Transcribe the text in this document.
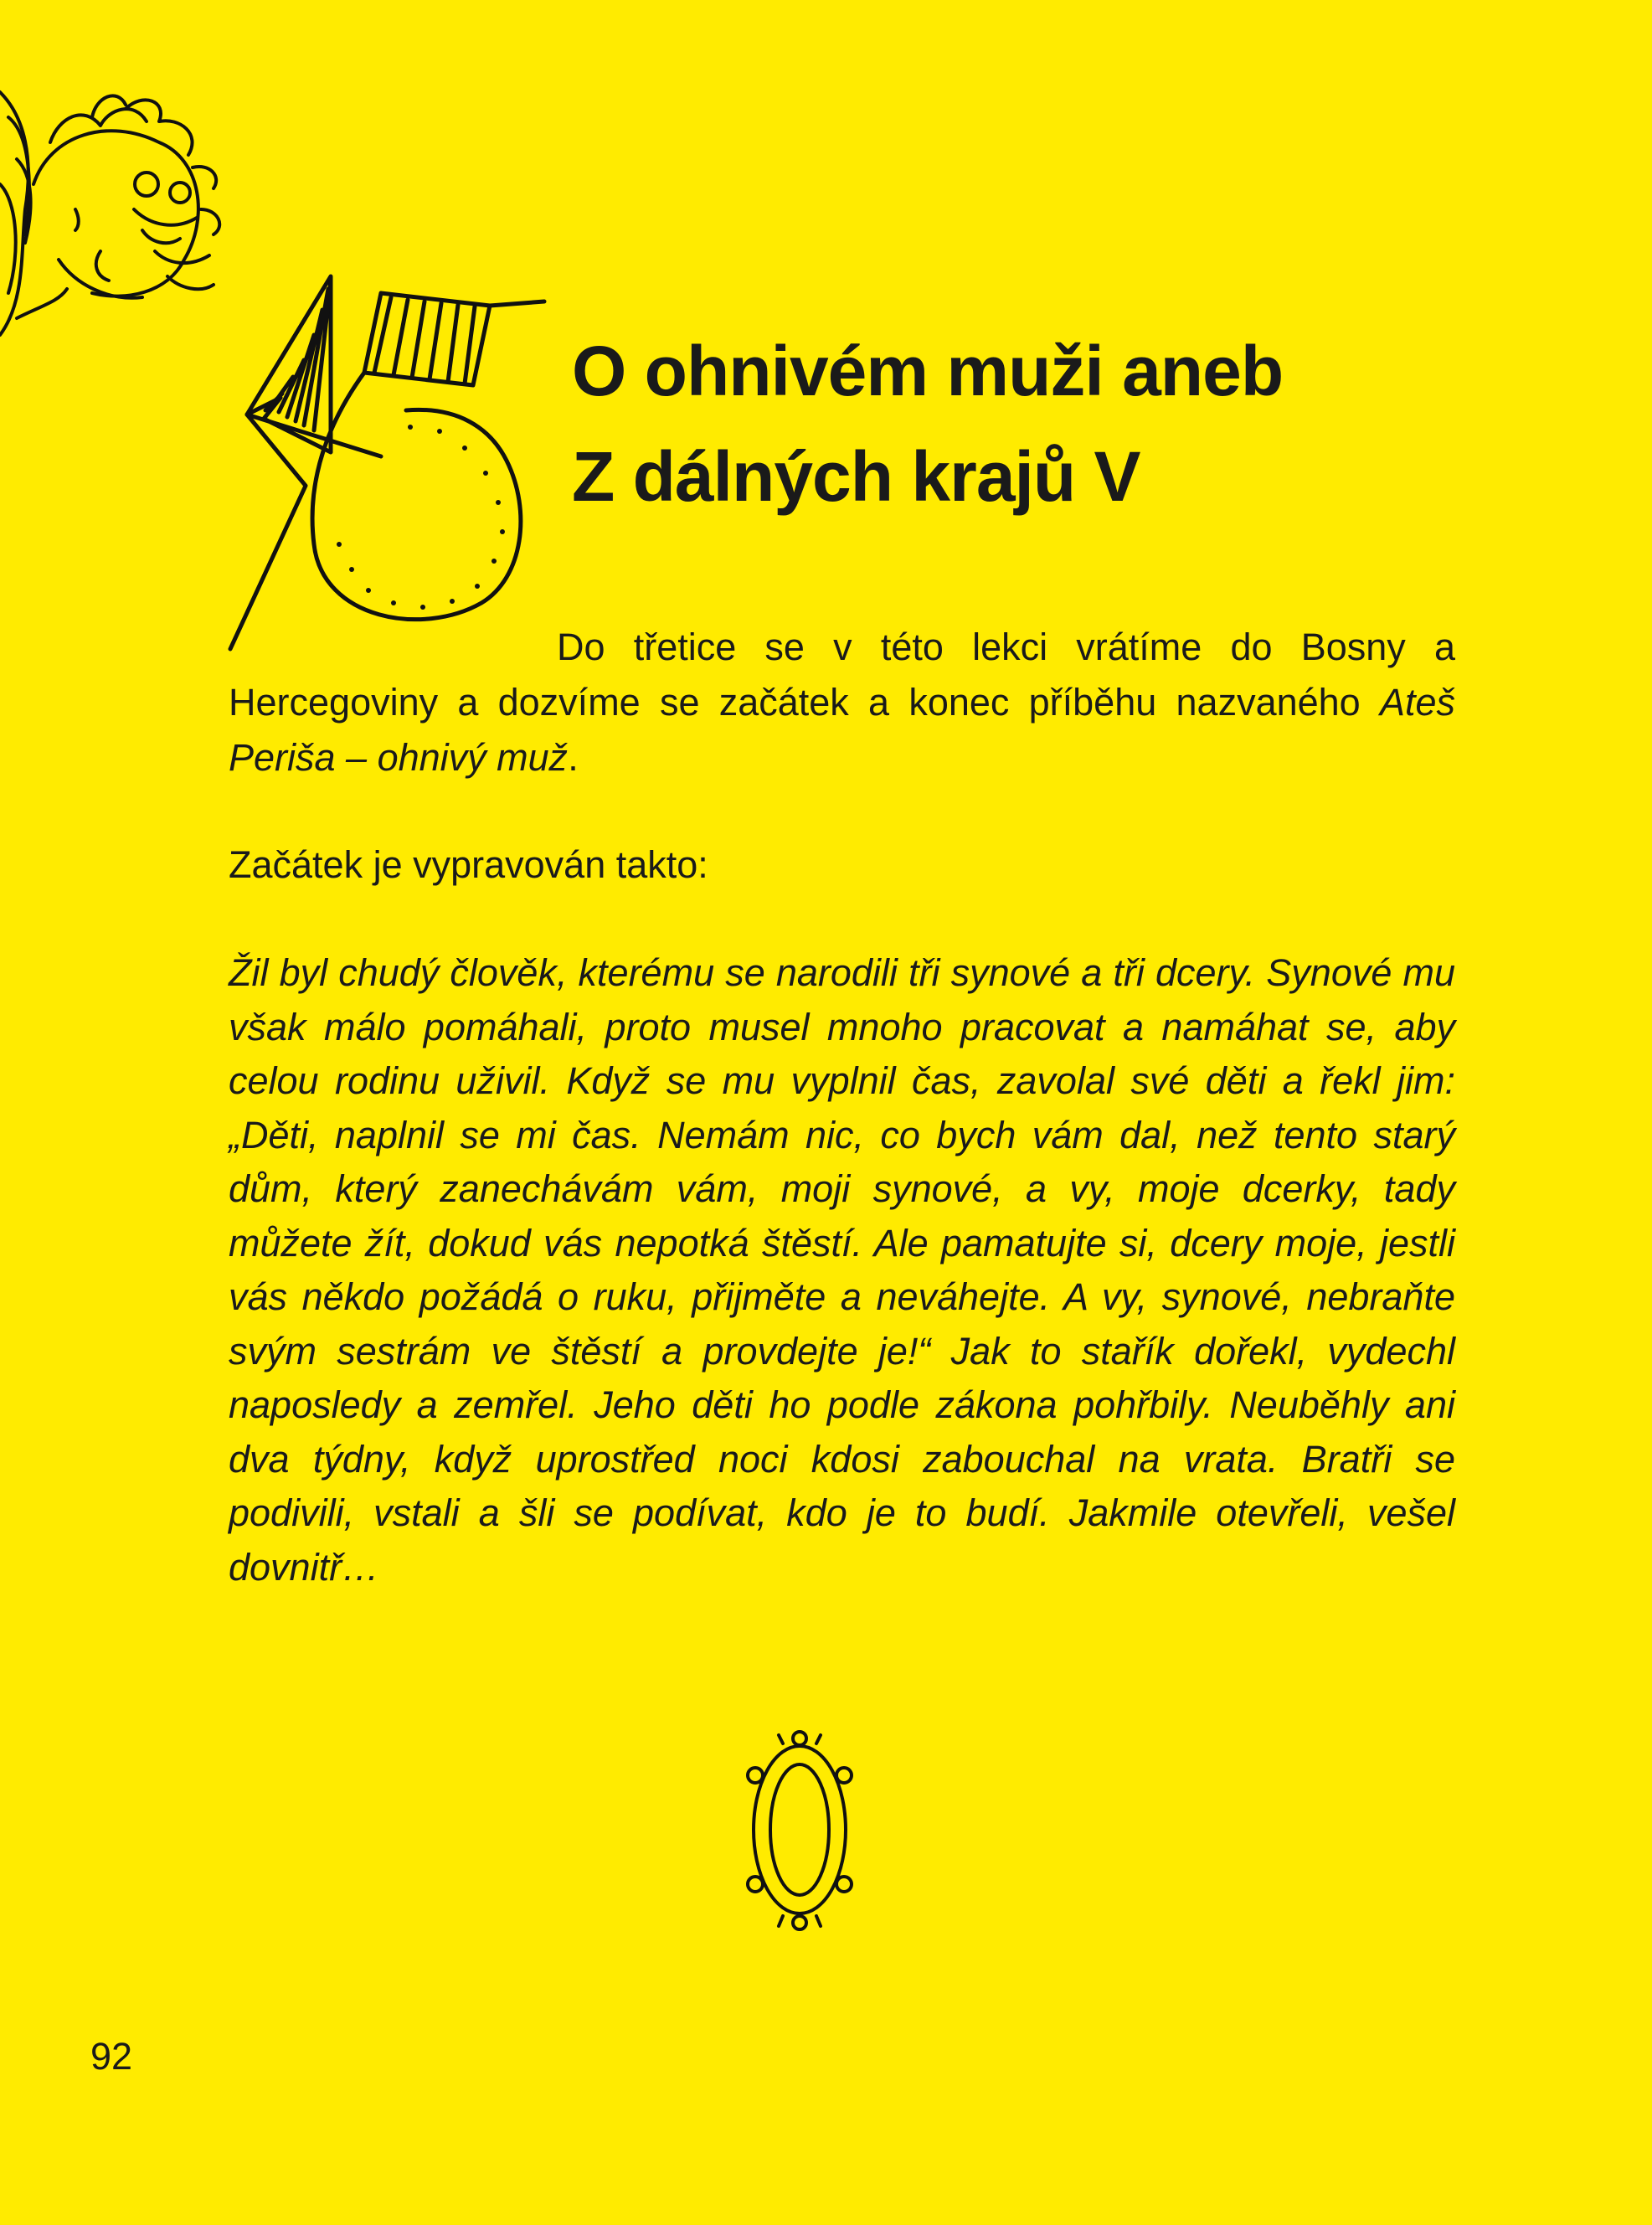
O ohnivém muži aneb
Z dálných krajů V

Do třetice se v této lekci vrátíme do Bosny a Hercegoviny a dozvíme se začátek a konec příběhu nazvaného Ateš Periša – ohnivý muž.

Začátek je vypravován takto:

Žil byl chudý člověk, kterému se narodili tři synové a tři dcery. Synové mu však málo pomáhali, proto musel mnoho pracovat a namáhat se, aby celou rodinu uživil. Když se mu vyplnil čas, zavolal své děti a řekl jim: „Děti, naplnil se mi čas. Nemám nic, co bych vám dal, než tento starý dům, který zanechávám vám, moji synové, a vy, moje dcerky, tady můžete žít, dokud vás nepotká štěstí. Ale pamatujte si, dcery moje, jestli vás někdo požádá o ruku, přijměte a neváhejte. A vy, synové, nebraňte svým sestrám ve štěstí a provdejte je!“ Jak to stařík dořekl, vydechl naposledy a zemřel. Jeho děti ho podle zákona pohřbily. Neuběhly ani dva týdny, když uprostřed noci kdosi zabouchal na vrata. Bratři se podivili, vstali a šli se podívat, kdo je to budí. Jakmile otevřeli, vešel dovnitř…

92
